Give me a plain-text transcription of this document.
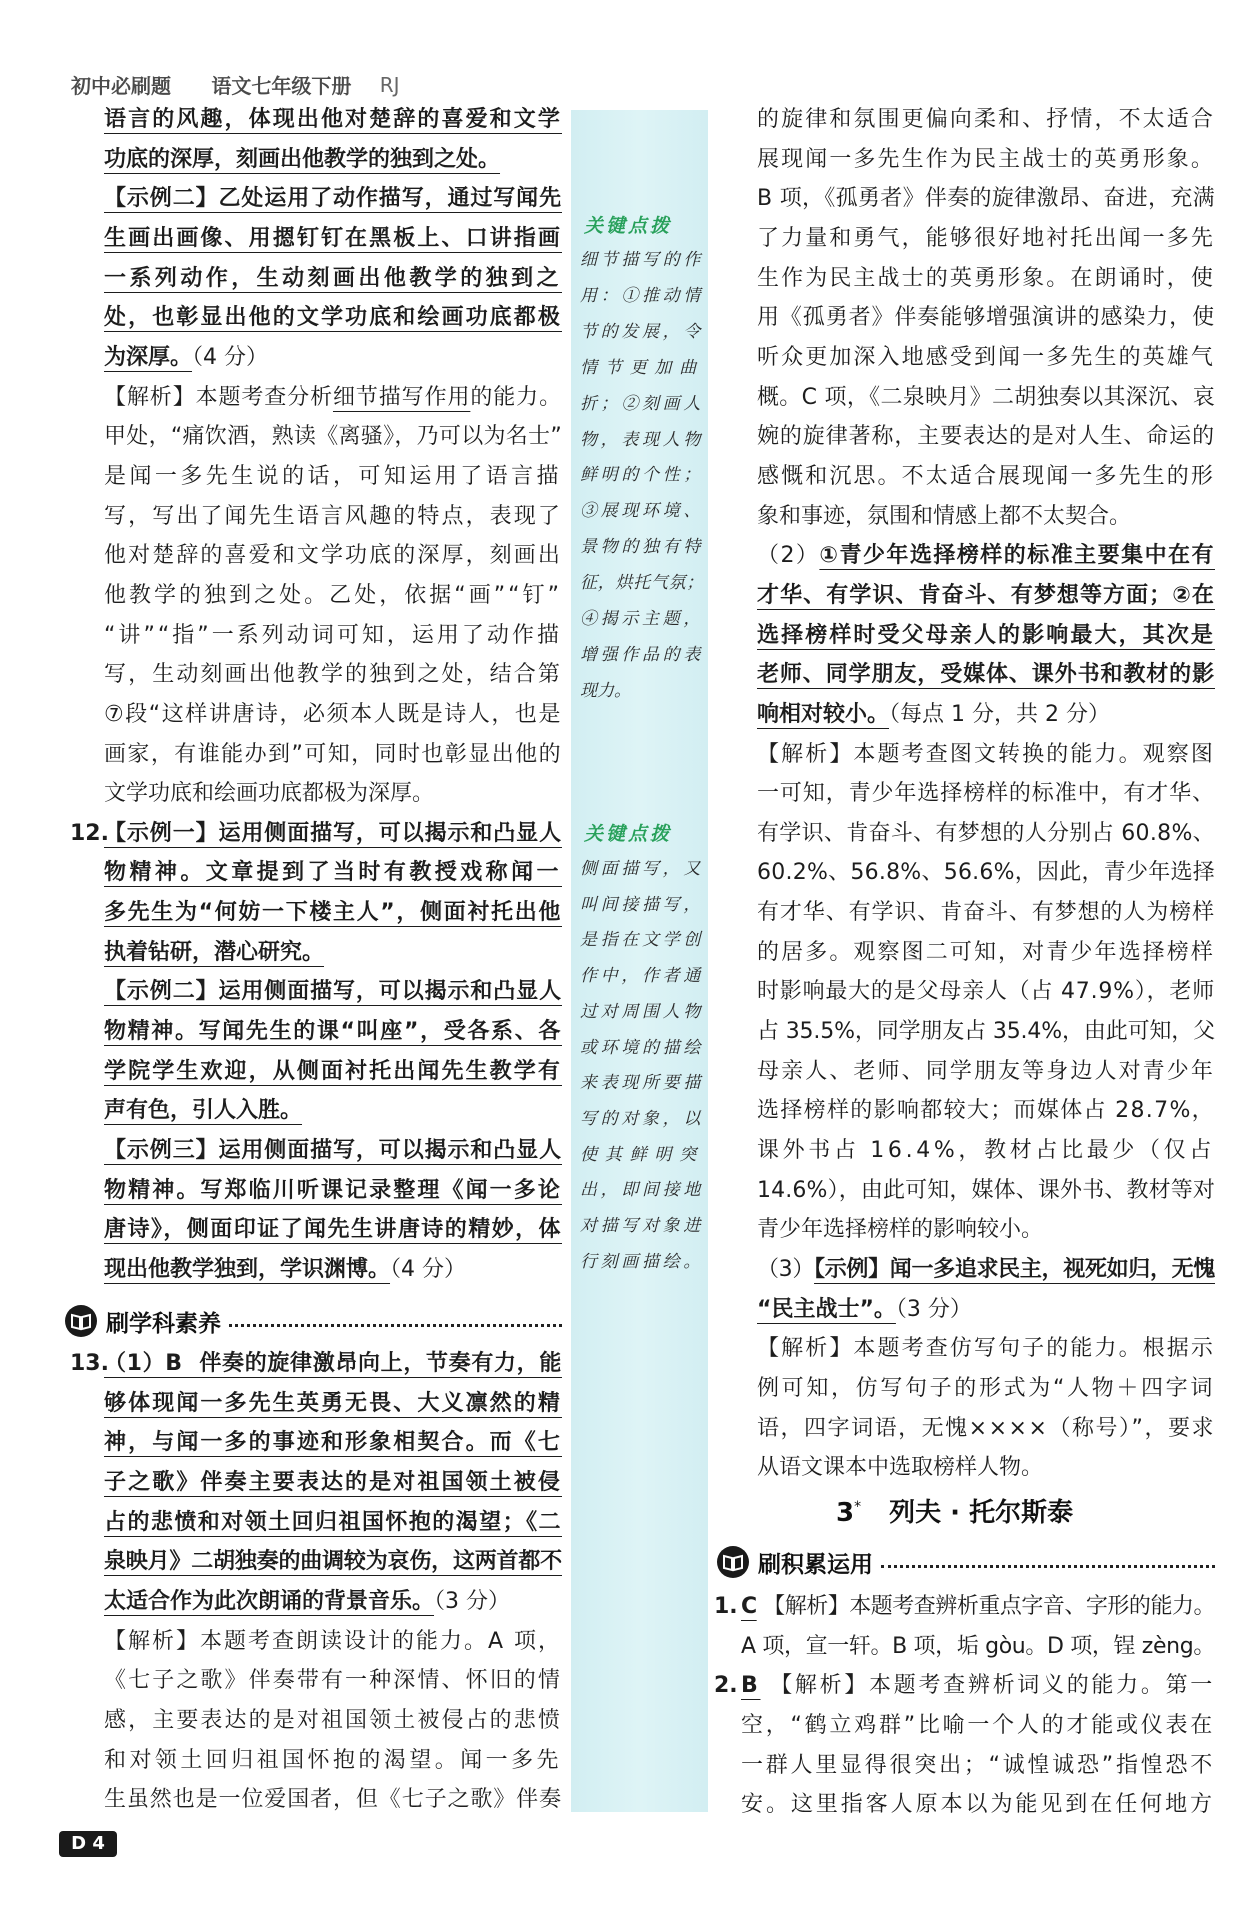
初中必刷题 语文七年级下册 RJ
关键点拨
细节描写的作
用：①推动情
节的发展，令
情节更加曲
折；②刻画人
物，表现人物
鲜明的个性；
③展现环境、
景物的独有特
征，烘托气氛；
④揭示主题，
增强作品的表
现力。
关键点拨
侧面描写，又
叫间接描写，
是指在文学创
作中，作者通
过对周围人物
或环境的描绘
来表现所要描
写的对象，以
使其鲜明突
出，即间接地
对描写对象进
行刻画描绘。
语言的风趣，体现出他对楚辞的喜爱和文学
功底的深厚，刻画出他教学的独到之处。
【示例二】乙处运用了动作描写，通过写闻先
生画出画像、用摁钉钉在黑板上、口讲指画
一系列动作，生动刻画出他教学的独到之
处，也彰显出他的文学功底和绘画功底都极
为深厚。（4 分）
【解析】本题考查分析细节描写作用的能力。
甲处，“痛饮酒，熟读《离骚》，乃可以为名士”
是闻一多先生说的话，可知运用了语言描
写，写出了闻先生语言风趣的特点，表现了
他对楚辞的喜爱和文学功底的深厚，刻画出
他教学的独到之处。乙处，依据“画”“钉”
“讲”“指”一系列动词可知，运用了动作描
写，生动刻画出他教学的独到之处，结合第
⑦段“这样讲唐诗，必须本人既是诗人，也是
画家，有谁能办到”可知，同时也彰显出他的
文学功底和绘画功底都极为深厚。
12.
【示例一】运用侧面描写，可以揭示和凸显人
物精神。文章提到了当时有教授戏称闻一
多先生为“何妨一下楼主人”，侧面衬托出他
执着钻研，潜心研究。
【示例二】运用侧面描写，可以揭示和凸显人
物精神。写闻先生的课“叫座”，受各系、各
学院学生欢迎，从侧面衬托出闻先生教学有
声有色，引人入胜。
【示例三】运用侧面描写，可以揭示和凸显人
物精神。写郑临川听课记录整理《闻一多论
唐诗》，侧面印证了闻先生讲唐诗的精妙，体
现出他教学独到，学识渊博。（4 分）
刷学科素养
13.
（1）B  伴奏的旋律激昂向上，节奏有力，能
够体现闻一多先生英勇无畏、大义凛然的精
神，与闻一多的事迹和形象相契合。而《七
子之歌》伴奏主要表达的是对祖国领土被侵
占的悲愤和对领土回归祖国怀抱的渴望；《二
泉映月》二胡独奏的曲调较为哀伤，这两首都不
太适合作为此次朗诵的背景音乐。（3 分）
【解析】本题考查朗读设计的能力。A 项，
《七子之歌》伴奏带有一种深情、怀旧的情
感，主要表达的是对祖国领土被侵占的悲愤
和对领土回归祖国怀抱的渴望。闻一多先
生虽然也是一位爱国者，但《七子之歌》伴奏
的旋律和氛围更偏向柔和、抒情，不太适合
展现闻一多先生作为民主战士的英勇形象。
B 项，《孤勇者》伴奏的旋律激昂、奋进，充满
了力量和勇气，能够很好地衬托出闻一多先
生作为民主战士的英勇形象。在朗诵时，使
用《孤勇者》伴奏能够增强演讲的感染力，使
听众更加深入地感受到闻一多先生的英雄气
概。C 项，《二泉映月》二胡独奏以其深沉、哀
婉的旋律著称，主要表达的是对人生、命运的
感慨和沉思。不太适合展现闻一多先生的形
象和事迹，氛围和情感上都不太契合。
（2）①青少年选择榜样的标准主要集中在有
才华、有学识、肯奋斗、有梦想等方面；②在
选择榜样时受父母亲人的影响最大，其次是
老师、同学朋友，受媒体、课外书和教材的影
响相对较小。（每点 1 分，共 2 分）
【解析】本题考查图文转换的能力。观察图
一可知，青少年选择榜样的标准中，有才华、
有学识、肯奋斗、有梦想的人分别占 60.8%、
60.2%、56.8%、56.6%，因此，青少年选择
有才华、有学识、肯奋斗、有梦想的人为榜样
的居多。观察图二可知，对青少年选择榜样
时影响最大的是父母亲人（占 47.9%），老师
占 35.5%，同学朋友占 35.4%，由此可知，父
母亲人、老师、同学朋友等身边人对青少年
选择榜样的影响都较大；而媒体占 28.7%，
课外书占 16.4%，教材占比最少（仅占
14.6%），由此可知，媒体、课外书、教材等对
青少年选择榜样的影响较小。
（3）【示例】闻一多追求民主，视死如归，无愧
“民主战士”。（3 分）
【解析】本题考查仿写句子的能力。根据示
例可知，仿写句子的形式为“人物＋四字词
语，四字词语，无愧××××（称号）”，要求
从语文课本中选取榜样人物。
3* 列夫 · 托尔斯泰
刷积累运用
1. C 【解析】本题考查辨析重点字音、字形的能力。
A 项，宣一轩。B 项，垢 gòu。D 项，锃 zèng。
2. B 【解析】本题考查辨析词义的能力。第一
空，“鹤立鸡群”比喻一个人的才能或仪表在
一群人里显得很突出；“诚惶诚恐”指惶恐不
安。这里指客人原本以为能见到在任何地方
D 4
